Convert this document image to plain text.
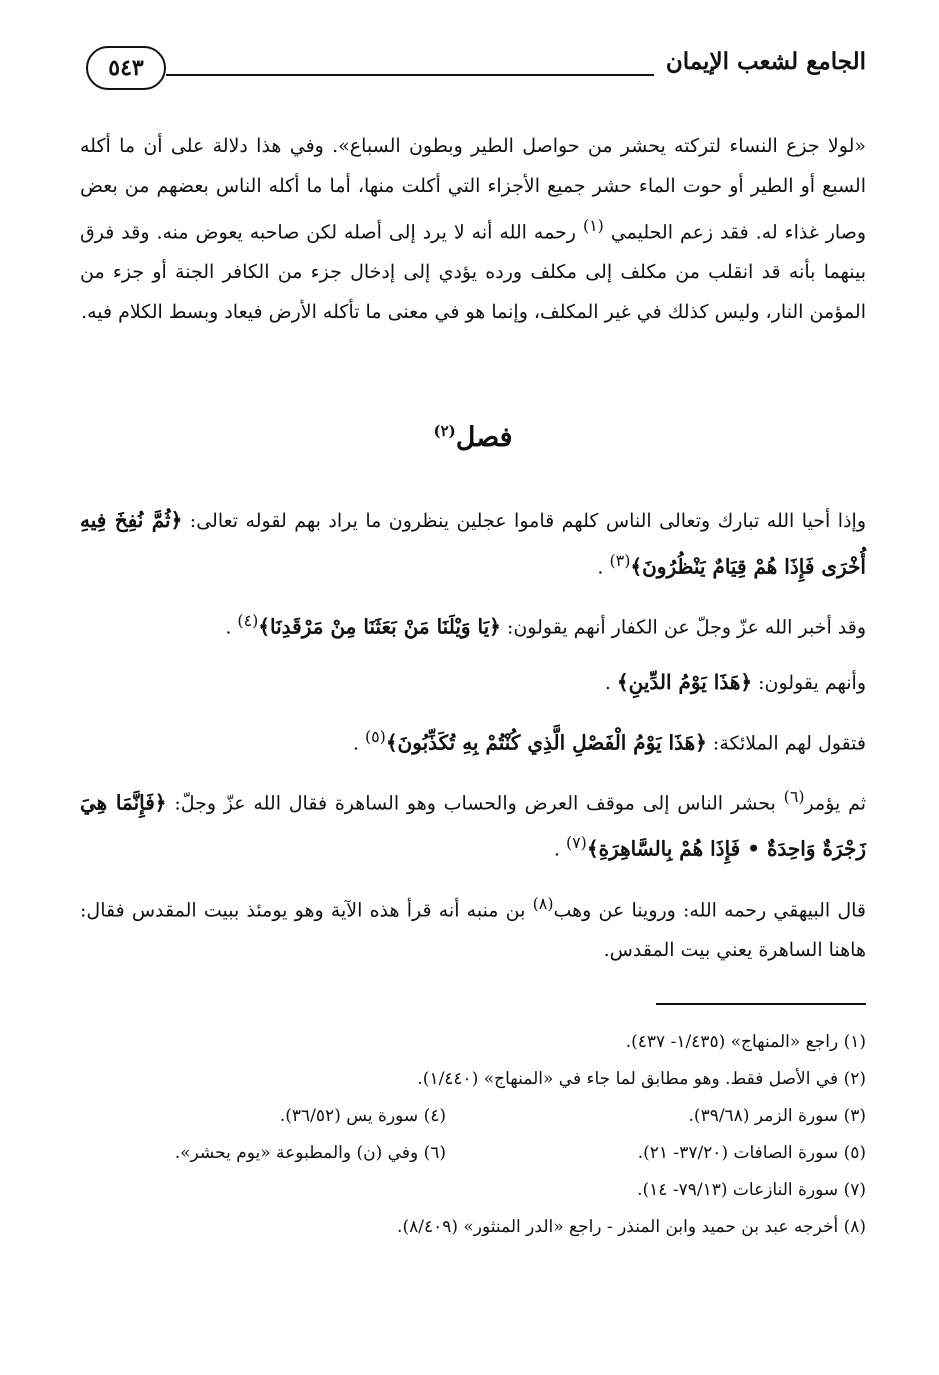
الجامع لشعب الإيمان
٥٤٣

«لولا جزع النساء لتركته يحشر من حواصل الطير وبطون السباع». وفي هذا دلالة على أن ما أكله السبع أو الطير أو حوت الماء حشر جميع الأجزاء التي أكلت منها، أما ما أكله الناس بعضهم من بعض وصار غذاء له. فقد زعم الحليمي $^{(١)}$ رحمه الله أنه لا يرد إلى أصله لكن صاحبه يعوض منه. وقد فرق بينهما بأنه قد انقلب من مكلف إلى مكلف ورده يؤدي إلى إدخال جزء من الكافر الجنة أو جزء من المؤمن النار، وليس كذلك في غير المكلف، وإنما هو في معنى ما تأكله الأرض فيعاد وبسط الكلام فيه.

فصل$^{(٢)}$

وإذا أحيا الله تبارك وتعالى الناس كلهم قاموا عجلين ينظرون ما يراد بهم لقوله تعالى: ﴿ثُمَّ نُفِخَ فِيهِ أُخْرَى فَإِذَا هُمْ قِيَامٌ يَنْظُرُونَ﴾$^{(٣)}$ .

وقد أخبر الله عزّ وجلّ عن الكفار أنهم يقولون: ﴿يَا وَيْلَنَا مَنْ بَعَثَنَا مِنْ مَرْقَدِنَا﴾$^{(٤)}$ .

وأنهم يقولون: ﴿هَذَا يَوْمُ الدِّينِ﴾ .

فتقول لهم الملائكة: ﴿هَذَا يَوْمُ الْفَصْلِ الَّذِي كُنْتُمْ بِهِ تُكَذِّبُونَ﴾$^{(٥)}$ .

ثم يؤمر$^{(٦)}$ بحشر الناس إلى موقف العرض والحساب وهو الساهرة فقال الله عزّ وجلّ: ﴿فَإِنَّمَا هِيَ زَجْرَةٌ وَاحِدَةٌ • فَإِذَا هُمْ بِالسَّاهِرَةِ﴾$^{(٧)}$ .

قال البيهقي رحمه الله: وروينا عن وهب$^{(٨)}$ بن منبه أنه قرأ هذه الآية وهو يومئذ ببيت المقدس فقال: هاهنا الساهرة يعني بيت المقدس.

(١) راجع «المنهاج» (١/٤٣٥- ٤٣٧).
(٢) في الأصل فقط. وهو مطابق لما جاء في «المنهاج» (١/٤٤٠).
(٣) سورة الزمر (٣٩/٦٨).
(٤) سورة يس (٣٦/٥٢).
(٥) سورة الصافات (٣٧/٢٠- ٢١).
(٦) وفي (ن) والمطبوعة «يوم يحشر».
(٧) سورة النازعات (٧٩/١٣- ١٤).
(٨) أخرجه عبد بن حميد وابن المنذر - راجع «الدر المنثور» (٨/٤٠٩).
